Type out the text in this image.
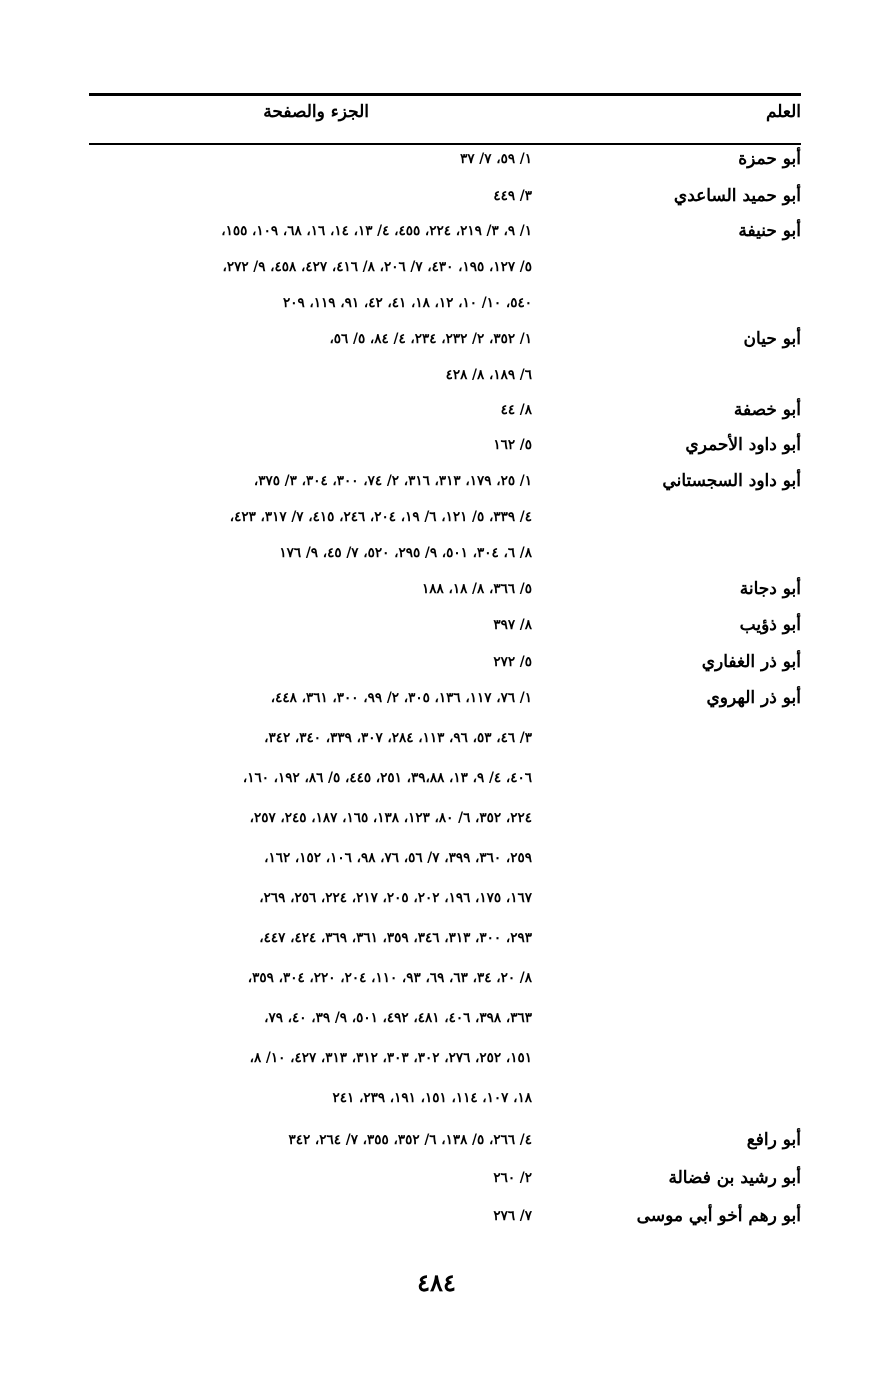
العلم
الجزء والصفحة
أبو حمزة
١/ ٥٩، ٧/ ٣٧
أبو حميد الساعدي
٣/ ٤٤٩
أبو حنيفة
١/ ٩، ٣/ ٢١٩، ٢٢٤، ٤٥٥، ٤/ ١٣، ١٤، ١٦، ٦٨، ١٠٩، ١٥٥،
٥/ ١٢٧، ١٩٥، ٤٣٠، ٧/ ٢٠٦، ٨/ ٤١٦، ٤٢٧، ٤٥٨، ٩/ ٢٧٢،
٥٤٠، ١٠/ ١٠، ١٢، ١٨، ٤١، ٤٢، ٩١، ١١٩، ٢٠٩
أبو حيان
١/ ٣٥٢، ٢/ ٢٣٢، ٢٣٤، ٤/ ٨٤، ٥/ ٥٦،
٦/ ١٨٩، ٨/ ٤٢٨
أبو خصفة
٨/ ٤٤
أبو داود الأحمري
٥/ ١٦٢
أبو داود السجستاني
١/ ٢٥، ١٧٩، ٣١٣، ٣١٦، ٢/ ٧٤، ٣٠٠، ٣٠٤، ٣/ ٣٧٥،
٤/ ٣٣٩، ٥/ ١٢١، ٦/ ١٩، ٢٠٤، ٢٤٦، ٤١٥، ٧/ ٣١٧، ٤٢٣،
٨/ ٦، ٣٠٤، ٥٠١، ٩/ ٢٩٥، ٥٢٠، ٧/ ٤٥، ٩/ ١٧٦
أبو دجانة
٥/ ٣٦٦، ٨/ ١٨، ١٨٨
أبو ذؤيب
٨/ ٣٩٧
أبو ذر الغفاري
٥/ ٢٧٢
أبو ذر الهروي
١/ ٧٦، ١١٧، ١٣٦، ٣٠٥، ٢/ ٩٩، ٣٠٠، ٣٦١، ٤٤٨،
٣/ ٤٦، ٥٣، ٩٦، ١١٣، ٢٨٤، ٣٠٧، ٣٣٩، ٣٤٠، ٣٤٢،
٤٠٦، ٤/ ٩، ١٣، ٣٩،٨٨، ٢٥١، ٤٤٥، ٥/ ٨٦، ١٩٢، ١٦٠،
٢٢٤، ٣٥٢، ٦/ ٨٠، ١٢٣، ١٣٨، ١٦٥، ١٨٧، ٢٤٥، ٢٥٧،
٢٥٩، ٣٦٠، ٣٩٩، ٧/ ٥٦، ٧٦، ٩٨، ١٠٦، ١٥٢، ١٦٢،
١٦٧، ١٧٥، ١٩٦، ٢٠٢، ٢٠٥، ٢١٧، ٢٢٤، ٢٥٦، ٢٦٩،
٢٩٣، ٣٠٠، ٣١٣، ٣٤٦، ٣٥٩، ٣٦١، ٣٦٩، ٤٢٤، ٤٤٧،
٨/ ٢٠، ٣٤، ٦٣، ٦٩، ٩٣، ١١٠، ٢٠٤، ٢٢٠، ٣٠٤، ٣٥٩،
٣٦٣، ٣٩٨، ٤٠٦، ٤٨١، ٤٩٢، ٥٠١، ٩/ ٣٩، ٤٠، ٧٩،
١٥١، ٢٥٢، ٢٧٦، ٣٠٢، ٣٠٣، ٣١٢، ٣١٣، ٤٢٧، ١٠/ ٨،
١٨، ١٠٧، ١١٤، ١٥١، ١٩١، ٢٣٩، ٢٤١
أبو رافع
٤/ ٢٦٦، ٥/ ١٣٨، ٦/ ٣٥٢، ٣٥٥، ٧/ ٢٦٤، ٣٤٢
أبو رشيد بن فضالة
٢/ ٢٦٠
أبو رهم أخو أبي موسى
٧/ ٢٧٦
٤٨٤
